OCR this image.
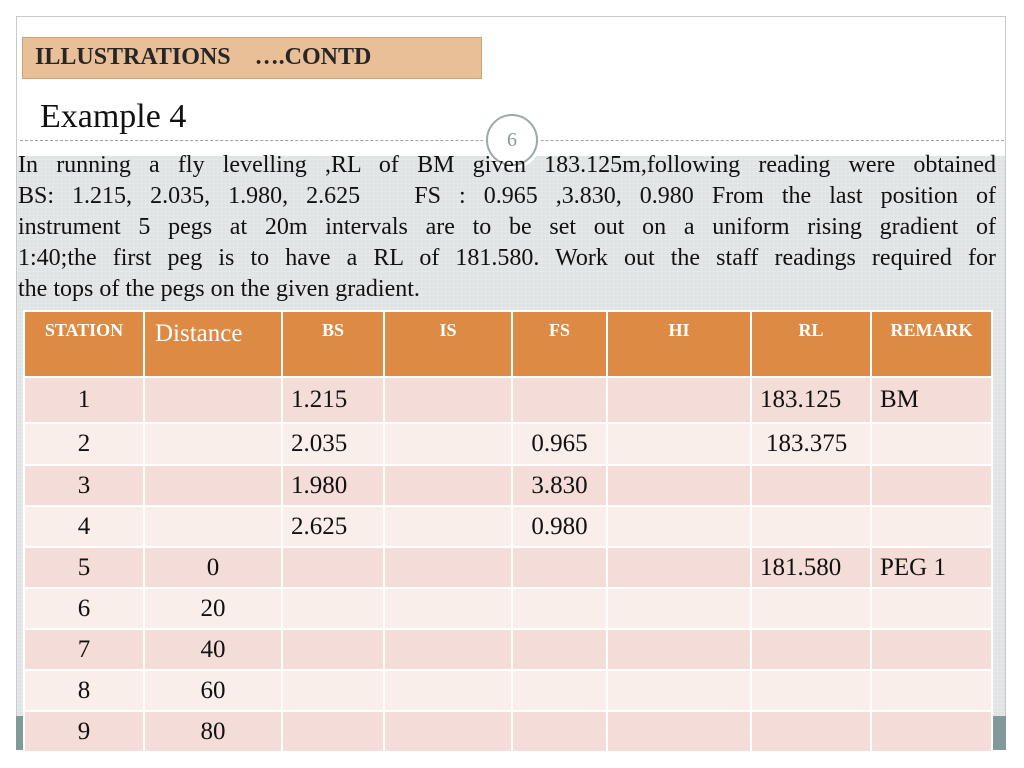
ILLUSTRATIONS    ….CONTD
Example 4
6

In running a fly levelling ,RL of BM given 183.125m,following reading were obtained

BS: 1.215, 2.035, 1.980, 2.625   FS : 0.965 ,3.830, 0.980 From the last position of

instrument 5 pegs at 20m intervals are to be set out on a uniform rising gradient of

1:40;the first peg is to have a RL of 181.580. Work out the staff readings required for

the tops of the pegs on the given gradient.

STATION	Distance	BS	IS	FS	HI	RL	REMARK
1		1.215				183.125	BM
2		2.035		0.965		183.375	
3		1.980		3.830			
4		2.625		0.980			
5	0					181.580	PEG 1
6	20						
7	40						
8	60						
9	80						
